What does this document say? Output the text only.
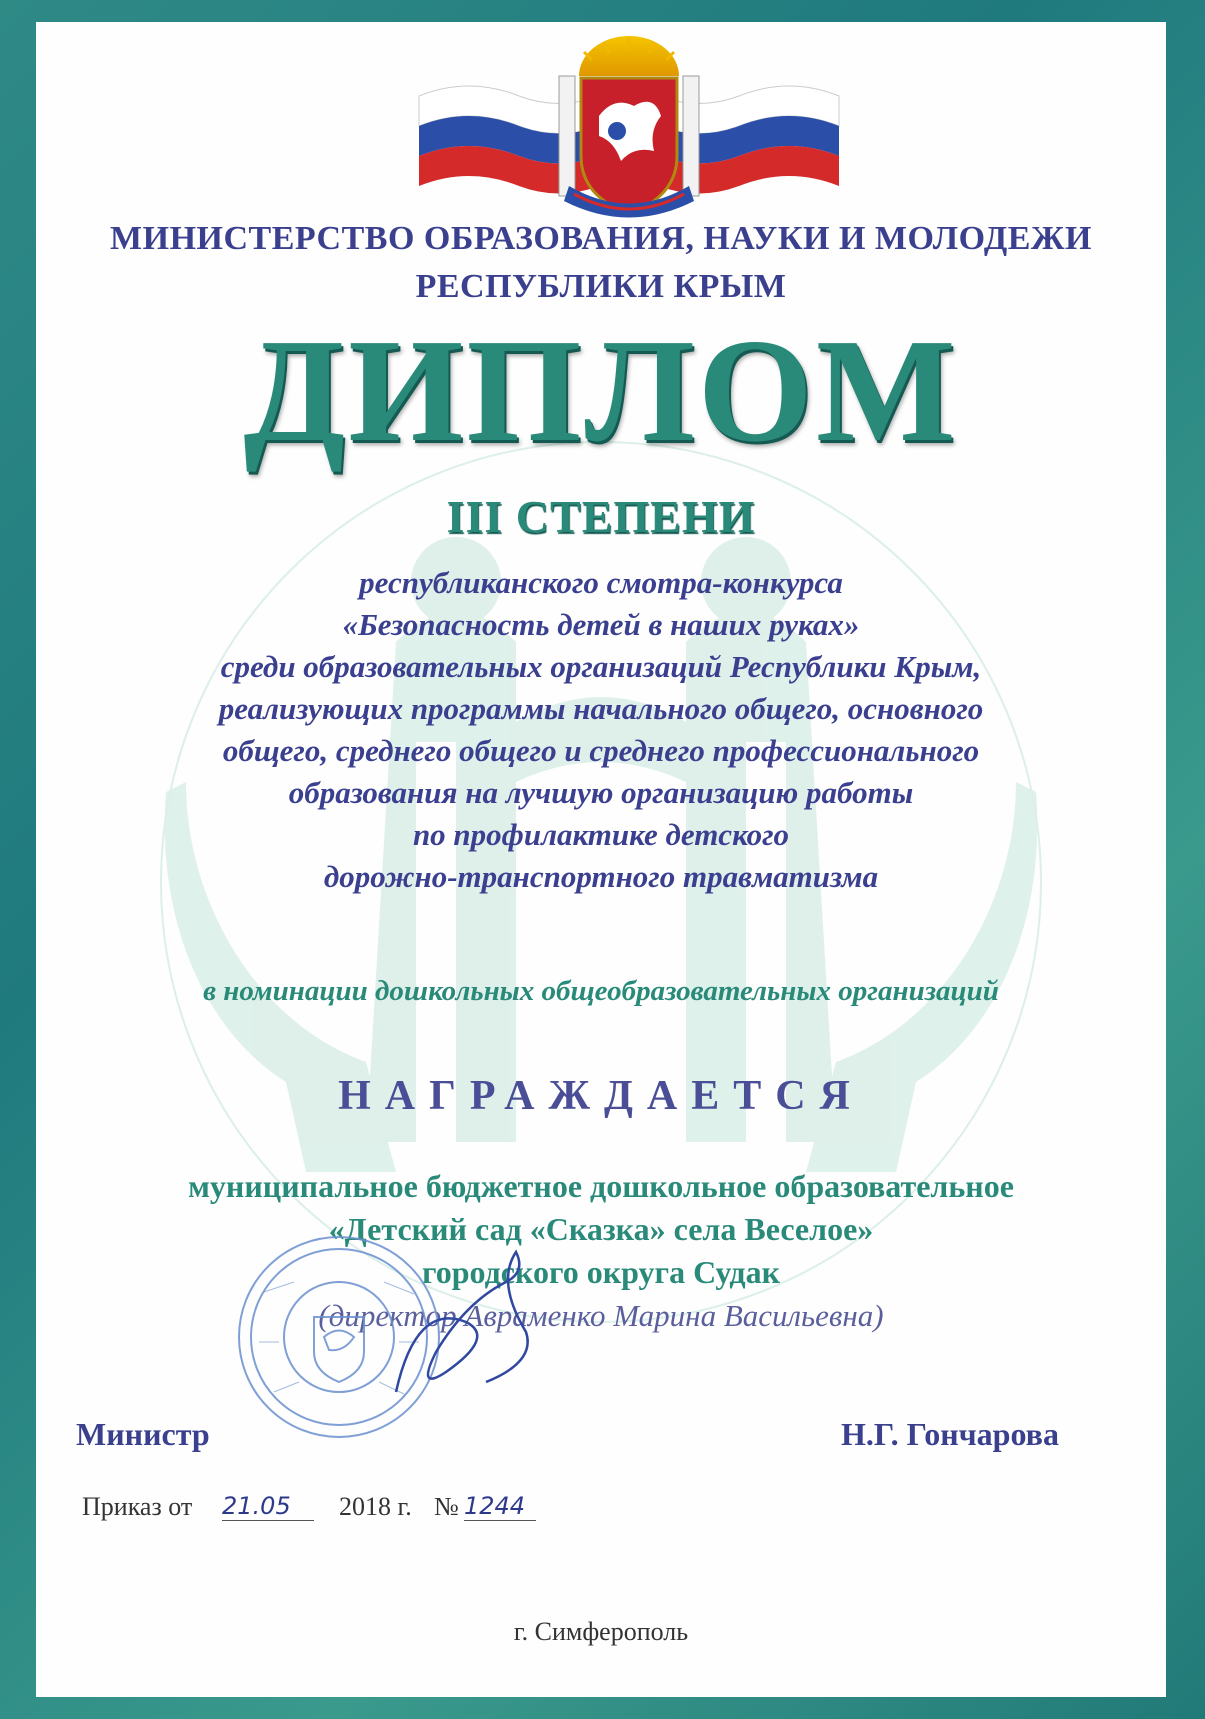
МИНИСТЕРСТВО ОБРАЗОВАНИЯ, НАУКИ И МОЛОДЕЖИ
РЕСПУБЛИКИ КРЫМ
ДИПЛОМ
III СТЕПЕНИ
республиканского смотра-конкурса
«Безопасность детей в наших руках»
среди образовательных организаций Республики Крым,
реализующих программы начального общего, основного
общего, среднего общего и среднего профессионального
образования на лучшую организацию работы
по профилактике детского
дорожно-транспортного травматизма
в номинации дошкольных общеобразовательных организаций
НАГРАЖДАЕТСЯ
муниципальное бюджетное дошкольное образовательное
«Детский сад «Сказка» села Веселое»
городского округа Судак
(директор Авраменко Марина Васильевна)
Министр	Н.Г. Гончарова
Приказ от 21.05	2018 г. № 1244
г. Симферополь
